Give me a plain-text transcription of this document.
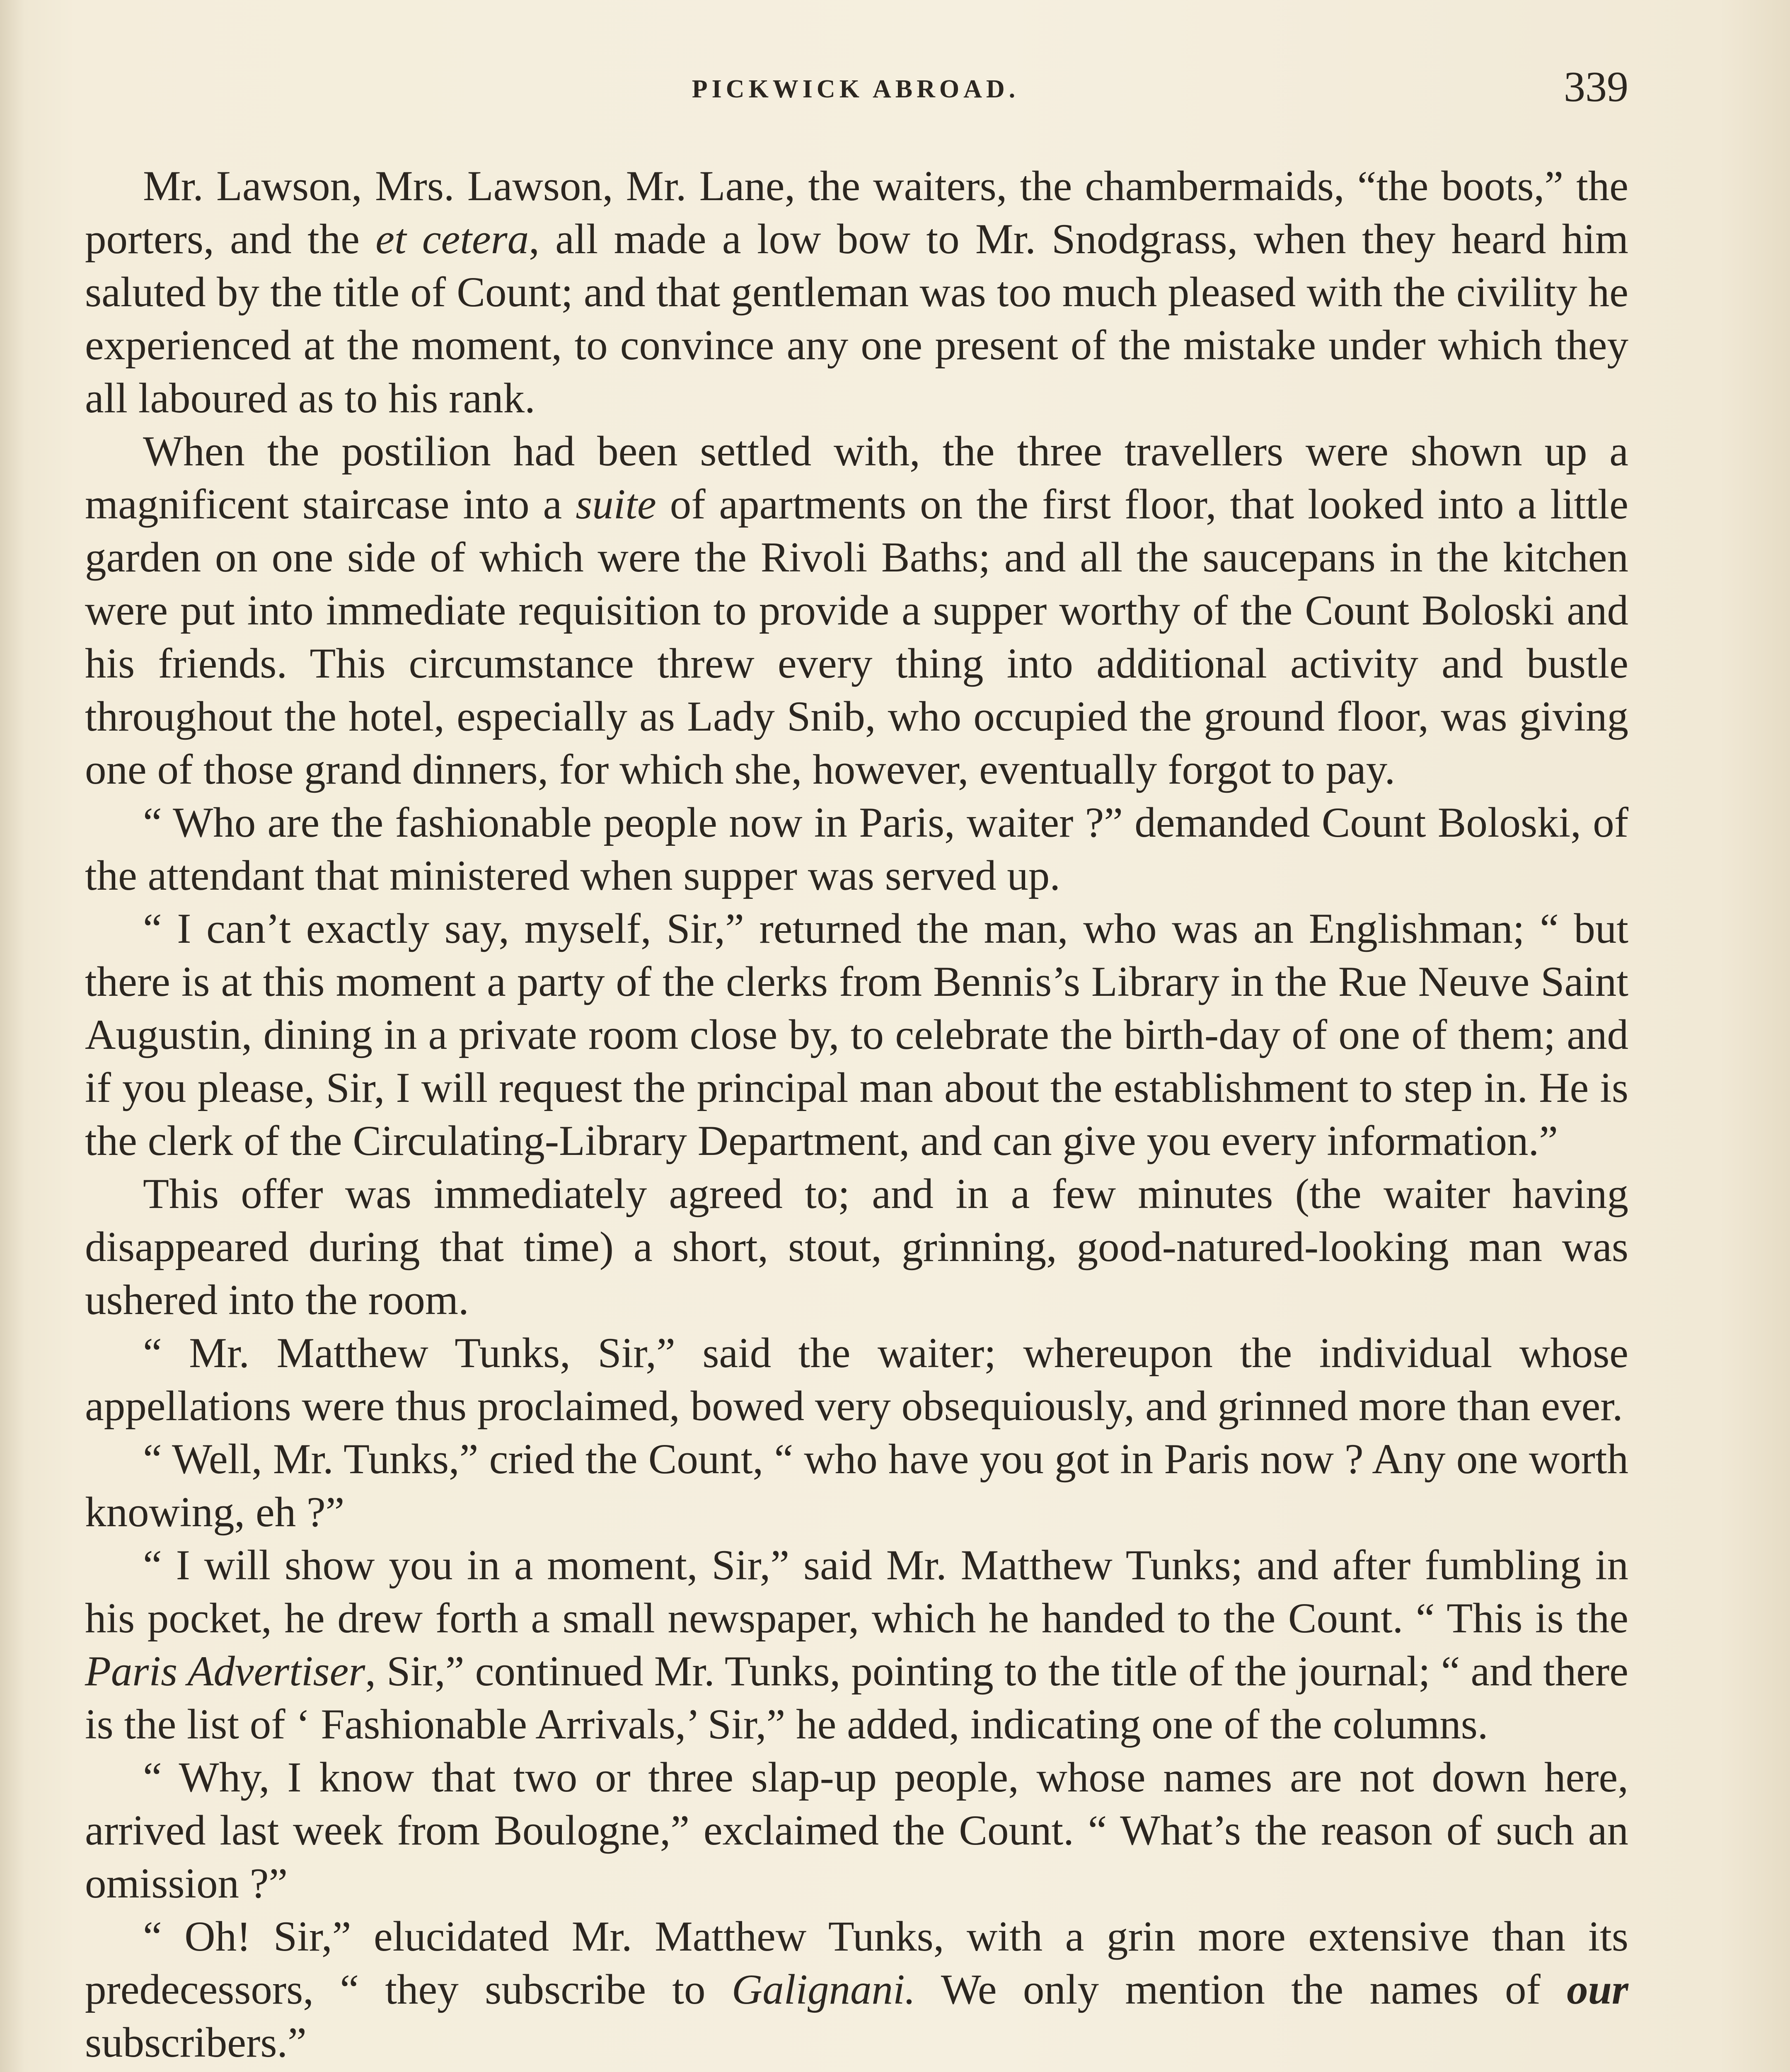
PICKWICK ABROAD.	339

Mr. Lawson, Mrs. Lawson, Mr. Lane, the waiters, the chambermaids, “the boots,” the porters, and the et cetera, all made a low bow to Mr. Snodgrass, when they heard him saluted by the title of Count; and that gentleman was too much pleased with the civility he experienced at the moment, to convince any one present of the mistake under which they all laboured as to his rank.

When the postilion had been settled with, the three travellers were shown up a magnificent staircase into a suite of apartments on the first floor, that looked into a little garden on one side of which were the Rivoli Baths; and all the saucepans in the kitchen were put into immediate requisition to provide a supper worthy of the Count Boloski and his friends. This circumstance threw every thing into additional activity and bustle throughout the hotel, especially as Lady Snib, who occupied the ground floor, was giving one of those grand dinners, for which she, however, eventually forgot to pay.

“ Who are the fashionable people now in Paris, waiter ?” demanded Count Boloski, of the attendant that ministered when supper was served up.

“ I can’t exactly say, myself, Sir,” returned the man, who was an Englishman; “ but there is at this moment a party of the clerks from Bennis’s Library in the Rue Neuve Saint Augustin, dining in a private room close by, to celebrate the birth-day of one of them; and if you please, Sir, I will request the principal man about the establishment to step in. He is the clerk of the Circulating-Library Department, and can give you every information.”

This offer was immediately agreed to; and in a few minutes (the waiter having disappeared during that time) a short, stout, grinning, good-natured-looking man was ushered into the room.

“ Mr. Matthew Tunks, Sir,” said the waiter; whereupon the individual whose appellations were thus proclaimed, bowed very obsequiously, and grinned more than ever.

“ Well, Mr. Tunks,” cried the Count, “ who have you got in Paris now ? Any one worth knowing, eh ?”

“ I will show you in a moment, Sir,” said Mr. Matthew Tunks; and after fumbling in his pocket, he drew forth a small newspaper, which he handed to the Count. “ This is the Paris Advertiser, Sir,” continued Mr. Tunks, pointing to the title of the journal; “ and there is the list of ‘ Fashionable Arrivals,’ Sir,” he added, indicating one of the columns.

“ Why, I know that two or three slap-up people, whose names are not down here, arrived last week from Boulogne,” exclaimed the Count. “ What’s the reason of such an omission ?”

“ Oh! Sir,” elucidated Mr. Matthew Tunks, with a grin more extensive than its predecessors, “ they subscribe to Galignani. We only mention the names of our subscribers.”
